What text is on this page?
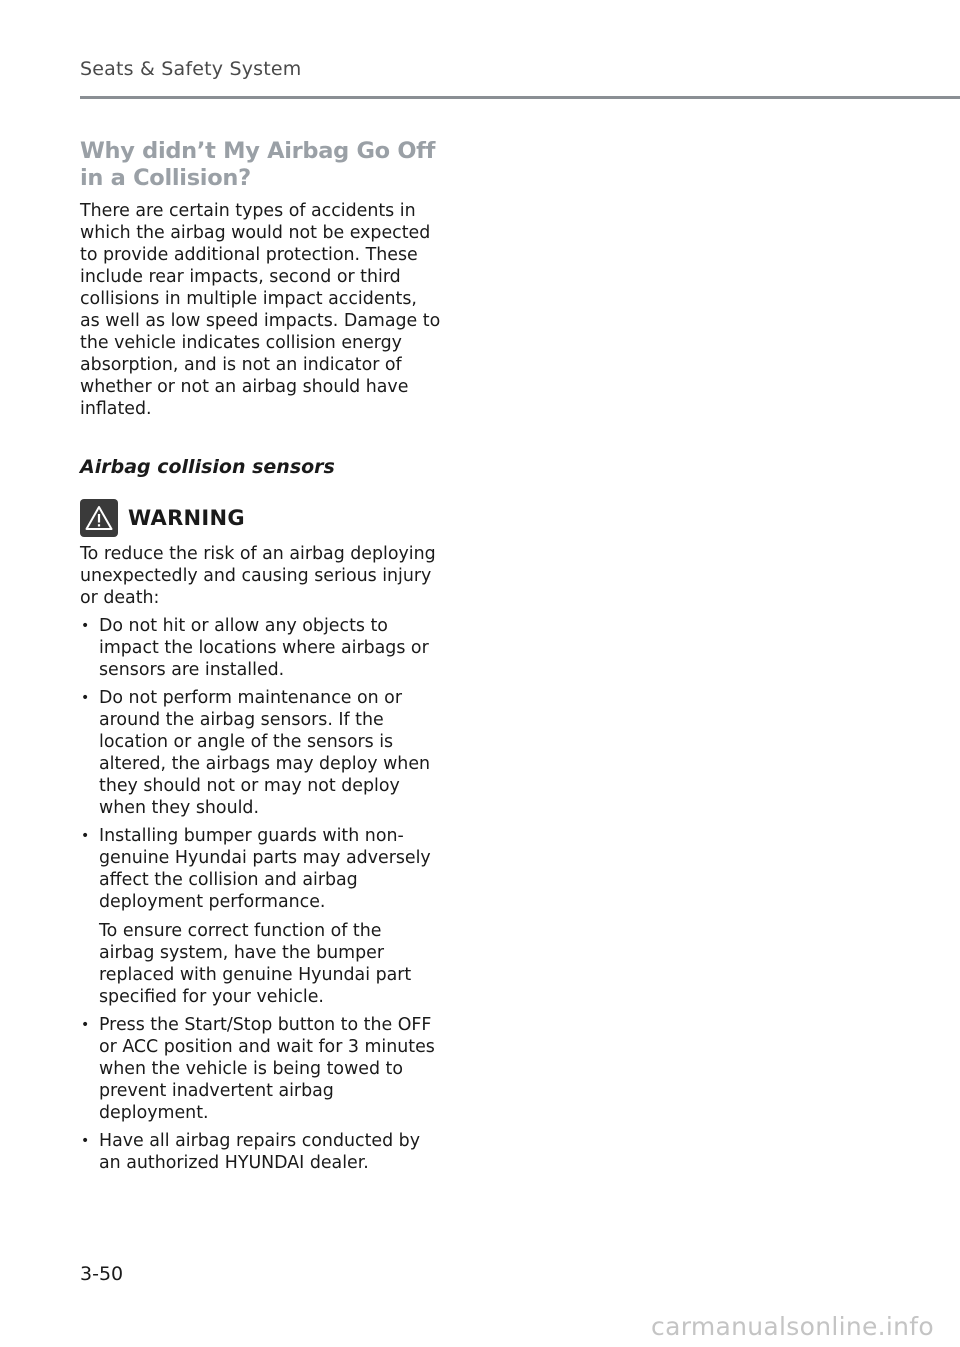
Seats & Safety System
Why didn’t My Airbag Go Off in a Collision?

There are certain types of accidents in which the airbag would not be expected to provide additional protection. These include rear impacts, second or third collisions in multiple impact accidents, as well as low speed impacts. Damage to the vehicle indicates collision energy absorption, and is not an indicator of whether or not an airbag should have inflated.

Airbag collision sensors
WARNING

To reduce the risk of an airbag deploying unexpectedly and causing serious injury or death:

• Do not hit or allow any objects to impact the locations where airbags or sensors are installed.
• Do not perform maintenance on or around the airbag sensors. If the location or angle of the sensors is altered, the airbags may deploy when they should not or may not deploy when they should.
• Installing bumper guards with non-genuine Hyundai parts may adversely affect the collision and airbag deployment performance.
To ensure correct function of the airbag system, have the bumper replaced with genuine Hyundai part specified for your vehicle.
• Press the Start/Stop button to the OFF or ACC position and wait for 3 minutes when the vehicle is being towed to prevent inadvertent airbag deployment.
• Have all airbag repairs conducted by an authorized HYUNDAI dealer.
3-50
carmanualsonline.info
